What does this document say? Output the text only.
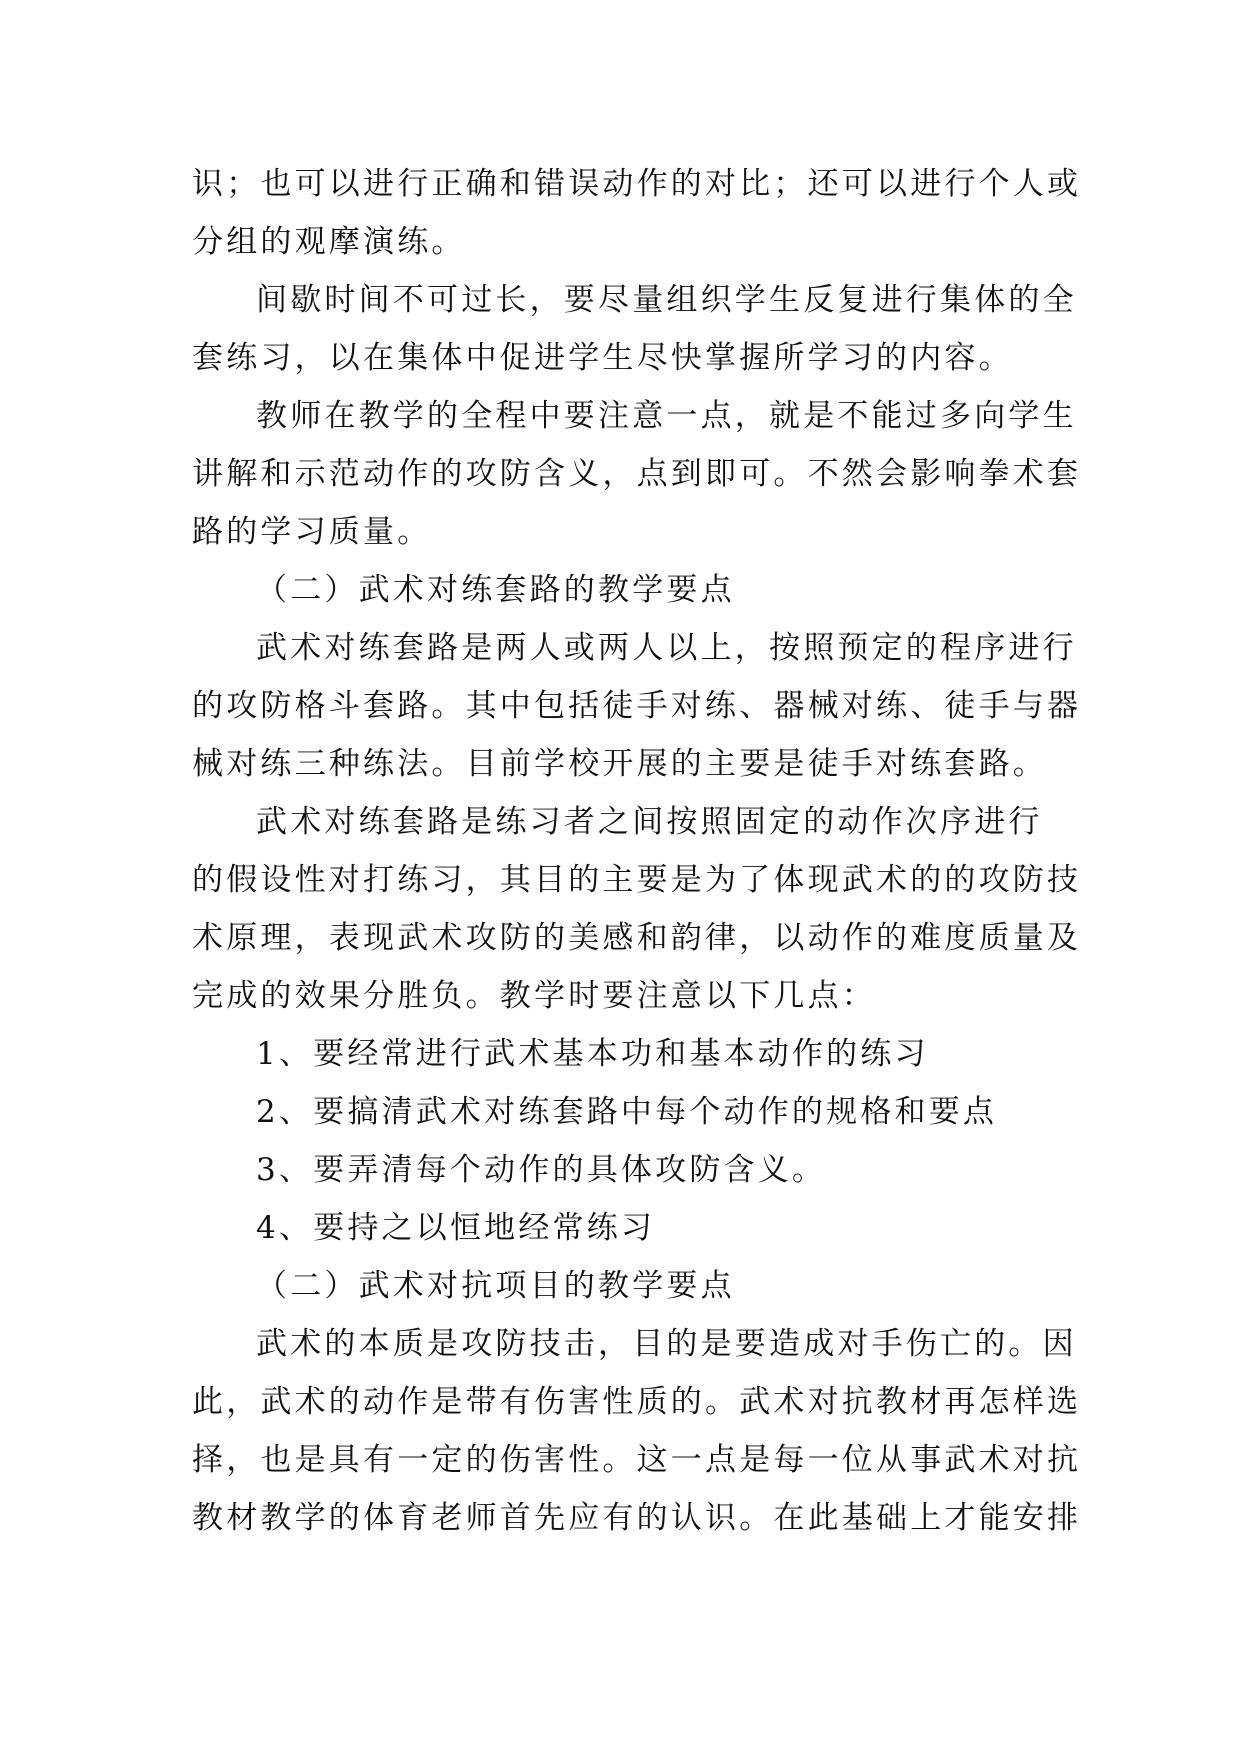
识；也可以进行正确和错误动作的对比；还可以进行个人或
分组的观摩演练。
间歇时间不可过长，要尽量组织学生反复进行集体的全
套练习，以在集体中促进学生尽快掌握所学习的内容。
教师在教学的全程中要注意一点，就是不能过多向学生
讲解和示范动作的攻防含义，点到即可。不然会影响拳术套
路的学习质量。
（二）武术对练套路的教学要点
武术对练套路是两人或两人以上，按照预定的程序进行
的攻防格斗套路。其中包括徒手对练、器械对练、徒手与器
械对练三种练法。目前学校开展的主要是徒手对练套路。
武术对练套路是练习者之间按照固定的动作次序进行
的假设性对打练习，其目的主要是为了体现武术的的攻防技
术原理，表现武术攻防的美感和韵律，以动作的难度质量及
完成的效果分胜负。教学时要注意以下几点：
1、要经常进行武术基本功和基本动作的练习
2、要搞清武术对练套路中每个动作的规格和要点
3、要弄清每个动作的具体攻防含义。
4、要持之以恒地经常练习
（二）武术对抗项目的教学要点
武术的本质是攻防技击，目的是要造成对手伤亡的。因
此，武术的动作是带有伤害性质的。武术对抗教材再怎样选
择，也是具有一定的伤害性。这一点是每一位从事武术对抗
教材教学的体育老师首先应有的认识。在此基础上才能安排
